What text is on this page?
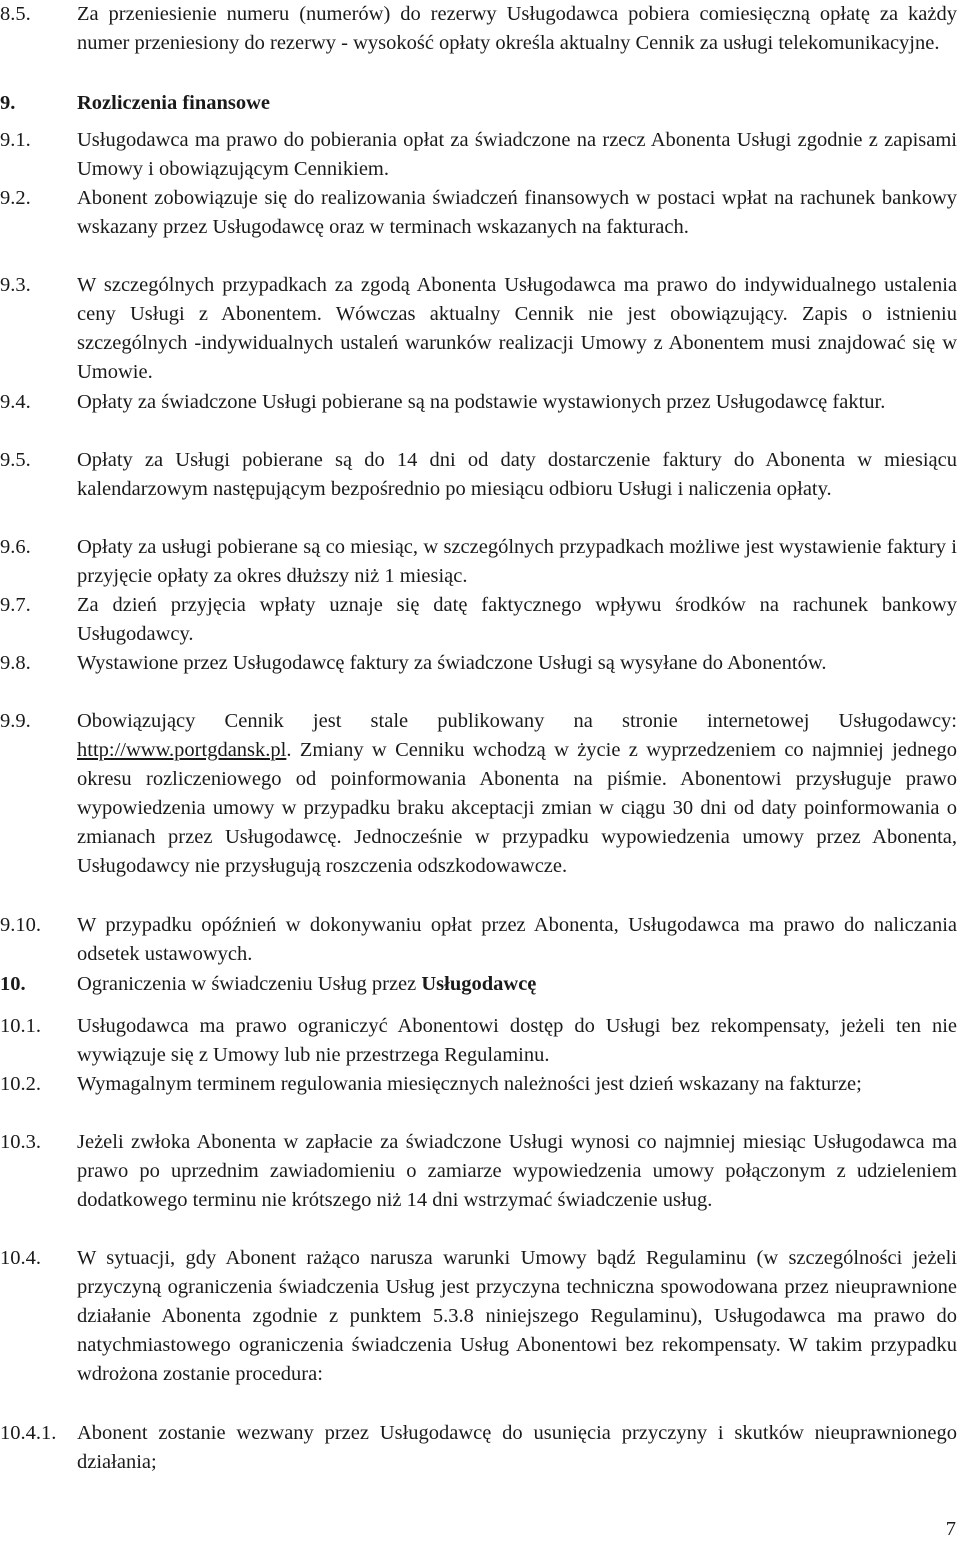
8.5. Za przeniesienie numeru (numerów) do rezerwy Usługodawca pobiera comiesięczną opłatę za każdy numer przeniesiony do rezerwy - wysokość opłaty określa aktualny Cennik za usługi telekomunikacyjne.
9.	Rozliczenia finansowe
9.1. Usługodawca ma prawo do pobierania opłat za świadczone na rzecz Abonenta Usługi zgodnie z zapisami Umowy i obowiązującym Cennikiem.
9.2. Abonent zobowiązuje się do realizowania świadczeń finansowych w postaci wpłat na rachunek bankowy wskazany przez Usługodawcę oraz w terminach wskazanych na fakturach.
9.3. W szczególnych przypadkach za zgodą Abonenta Usługodawca ma prawo do indywidualnego ustalenia ceny Usługi z Abonentem. Wówczas aktualny Cennik nie jest obowiązujący. Zapis o istnieniu szczególnych -indywidualnych ustaleń warunków realizacji Umowy z Abonentem musi znajdować się w Umowie.
9.4. Opłaty za świadczone Usługi pobierane są na podstawie wystawionych przez Usługodawcę faktur.
9.5. Opłaty za Usługi pobierane są do 14 dni od daty dostarczenie faktury do Abonenta w miesiącu kalendarzowym następującym bezpośrednio po miesiącu odbioru Usługi i naliczenia opłaty.
9.6. Opłaty za usługi pobierane są co miesiąc, w szczególnych przypadkach możliwe jest wystawienie faktury i przyjęcie opłaty za okres dłuższy niż 1 miesiąc.
9.7. Za dzień przyjęcia wpłaty uznaje się datę faktycznego wpływu środków na rachunek bankowy Usługodawcy.
9.8. Wystawione przez Usługodawcę faktury za świadczone Usługi są wysyłane do Abonentów.
9.9. Obowiązujący Cennik jest stale publikowany na stronie internetowej Usługodawcy: http://www.portgdansk.pl. Zmiany w Cenniku wchodzą w życie z wyprzedzeniem co najmniej jednego okresu rozliczeniowego od poinformowania Abonenta na piśmie. Abonentowi przysługuje prawo wypowiedzenia umowy w przypadku braku akceptacji zmian w ciągu 30 dni od daty poinformowania o zmianach przez Usługodawcę. Jednocześnie w przypadku wypowiedzenia umowy przez Abonenta, Usługodawcy nie przysługują roszczenia odszkodowawcze.
9.10. W przypadku opóźnień w dokonywaniu opłat przez Abonenta, Usługodawca ma prawo do naliczania odsetek ustawowych.
10.	Ograniczenia w świadczeniu Usług przez Usługodawcę
10.1. Usługodawca ma prawo ograniczyć Abonentowi dostęp do Usługi bez rekompensaty, jeżeli ten nie wywiązuje się z Umowy lub nie przestrzega Regulaminu.
10.2. Wymagalnym terminem regulowania miesięcznych należności jest dzień wskazany na fakturze;
10.3. Jeżeli zwłoka Abonenta w zapłacie za świadczone Usługi wynosi co najmniej miesiąc Usługodawca ma prawo po uprzednim zawiadomieniu o zamiarze wypowiedzenia umowy połączonym z udzieleniem dodatkowego terminu nie krótszego niż 14 dni wstrzymać świadczenie usług.
10.4. W sytuacji, gdy Abonent rażąco narusza warunki Umowy bądź Regulaminu (w szczególności jeżeli przyczyną ograniczenia świadczenia Usług jest przyczyna techniczna spowodowana przez nieuprawnione działanie Abonenta zgodnie z punktem 5.3.8 niniejszego Regulaminu), Usługodawca ma prawo do natychmiastowego ograniczenia świadczenia Usług Abonentowi bez rekompensaty. W takim przypadku wdrożona zostanie procedura:
10.4.1. Abonent zostanie wezwany przez Usługodawcę do usunięcia przyczyny i skutków nieuprawnionego działania;
7
